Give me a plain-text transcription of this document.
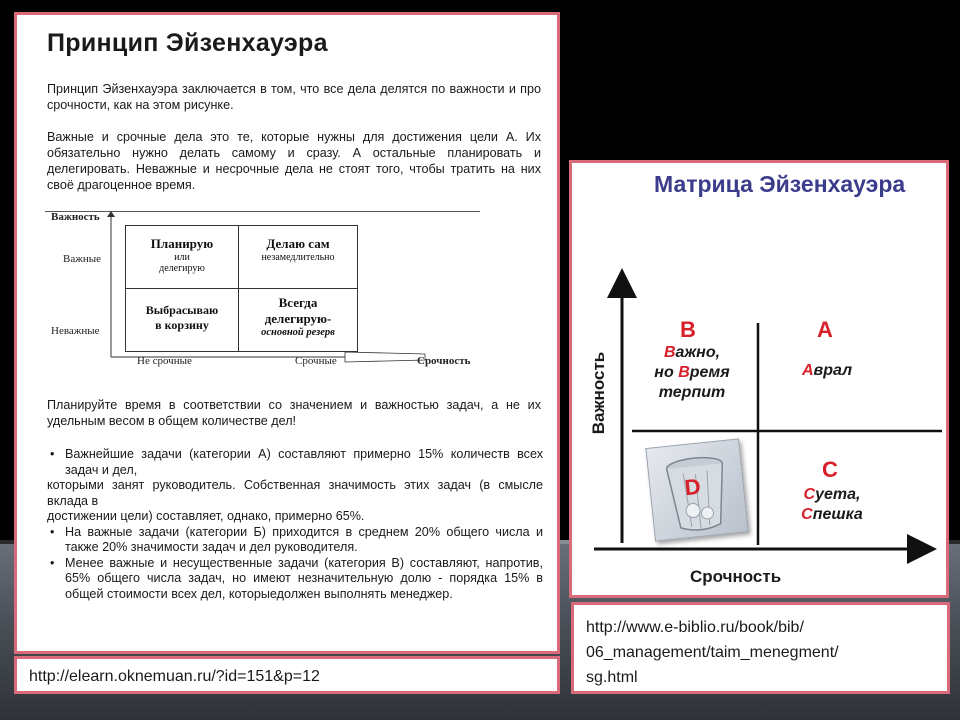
Принцип Эйзенхауэра

Принцип Эйзенхауэра заключается в том, что все дела делятся по важности и про срочности, как на этом рисунке.

Важные и срочные дела это те, которые нужны для достижения цели А. Их обязательно нужно делать самому и сразу. А остальные планировать и делегировать. Неважные и несрочные дела не стоят того, чтобы тратить на них своё драгоценное время.

Важность
Важные
Неважные
Не срочные	Срочные	Срочность
Планирую
или
делегирую
Делаю сам
незамедлительно
Выбрасываю
в корзину
Всегда
делегирую-
основной резерв

Планируйте время в соответствии со значением и важностью задач, а не их удельным весом в общем количестве дел!

• Важнейшие задачи (категории А) составляют примерно 15% количеств всех задач и дел,
которыми занят руководитель. Собственная значимость этих задач (в смысле вклада в
достижении цели) составляет, однако, примерно 65%.
• На важные задачи (категории Б) приходится в среднем 20% общего числа и также 20% значимости задач и дел руководителя.
• Менее важные и несущественные задачи (категория В) составляют, напротив, 65% общего числа задач, но имеют незначительную долю - порядка 15% в общей стоимости всех дел, которыедолжен выполнять менеджер.
Матрица Эйзенхауэра
Важность
Срочность
B
Важно,
но Время
терпит
A
Аврал
C
Суета,
Спешка
D
http://elearn.oknemuan.ru/?id=151&p=12
http://www.e-biblio.ru/book/bib/
06_management/taim_menegment/
sg.html
